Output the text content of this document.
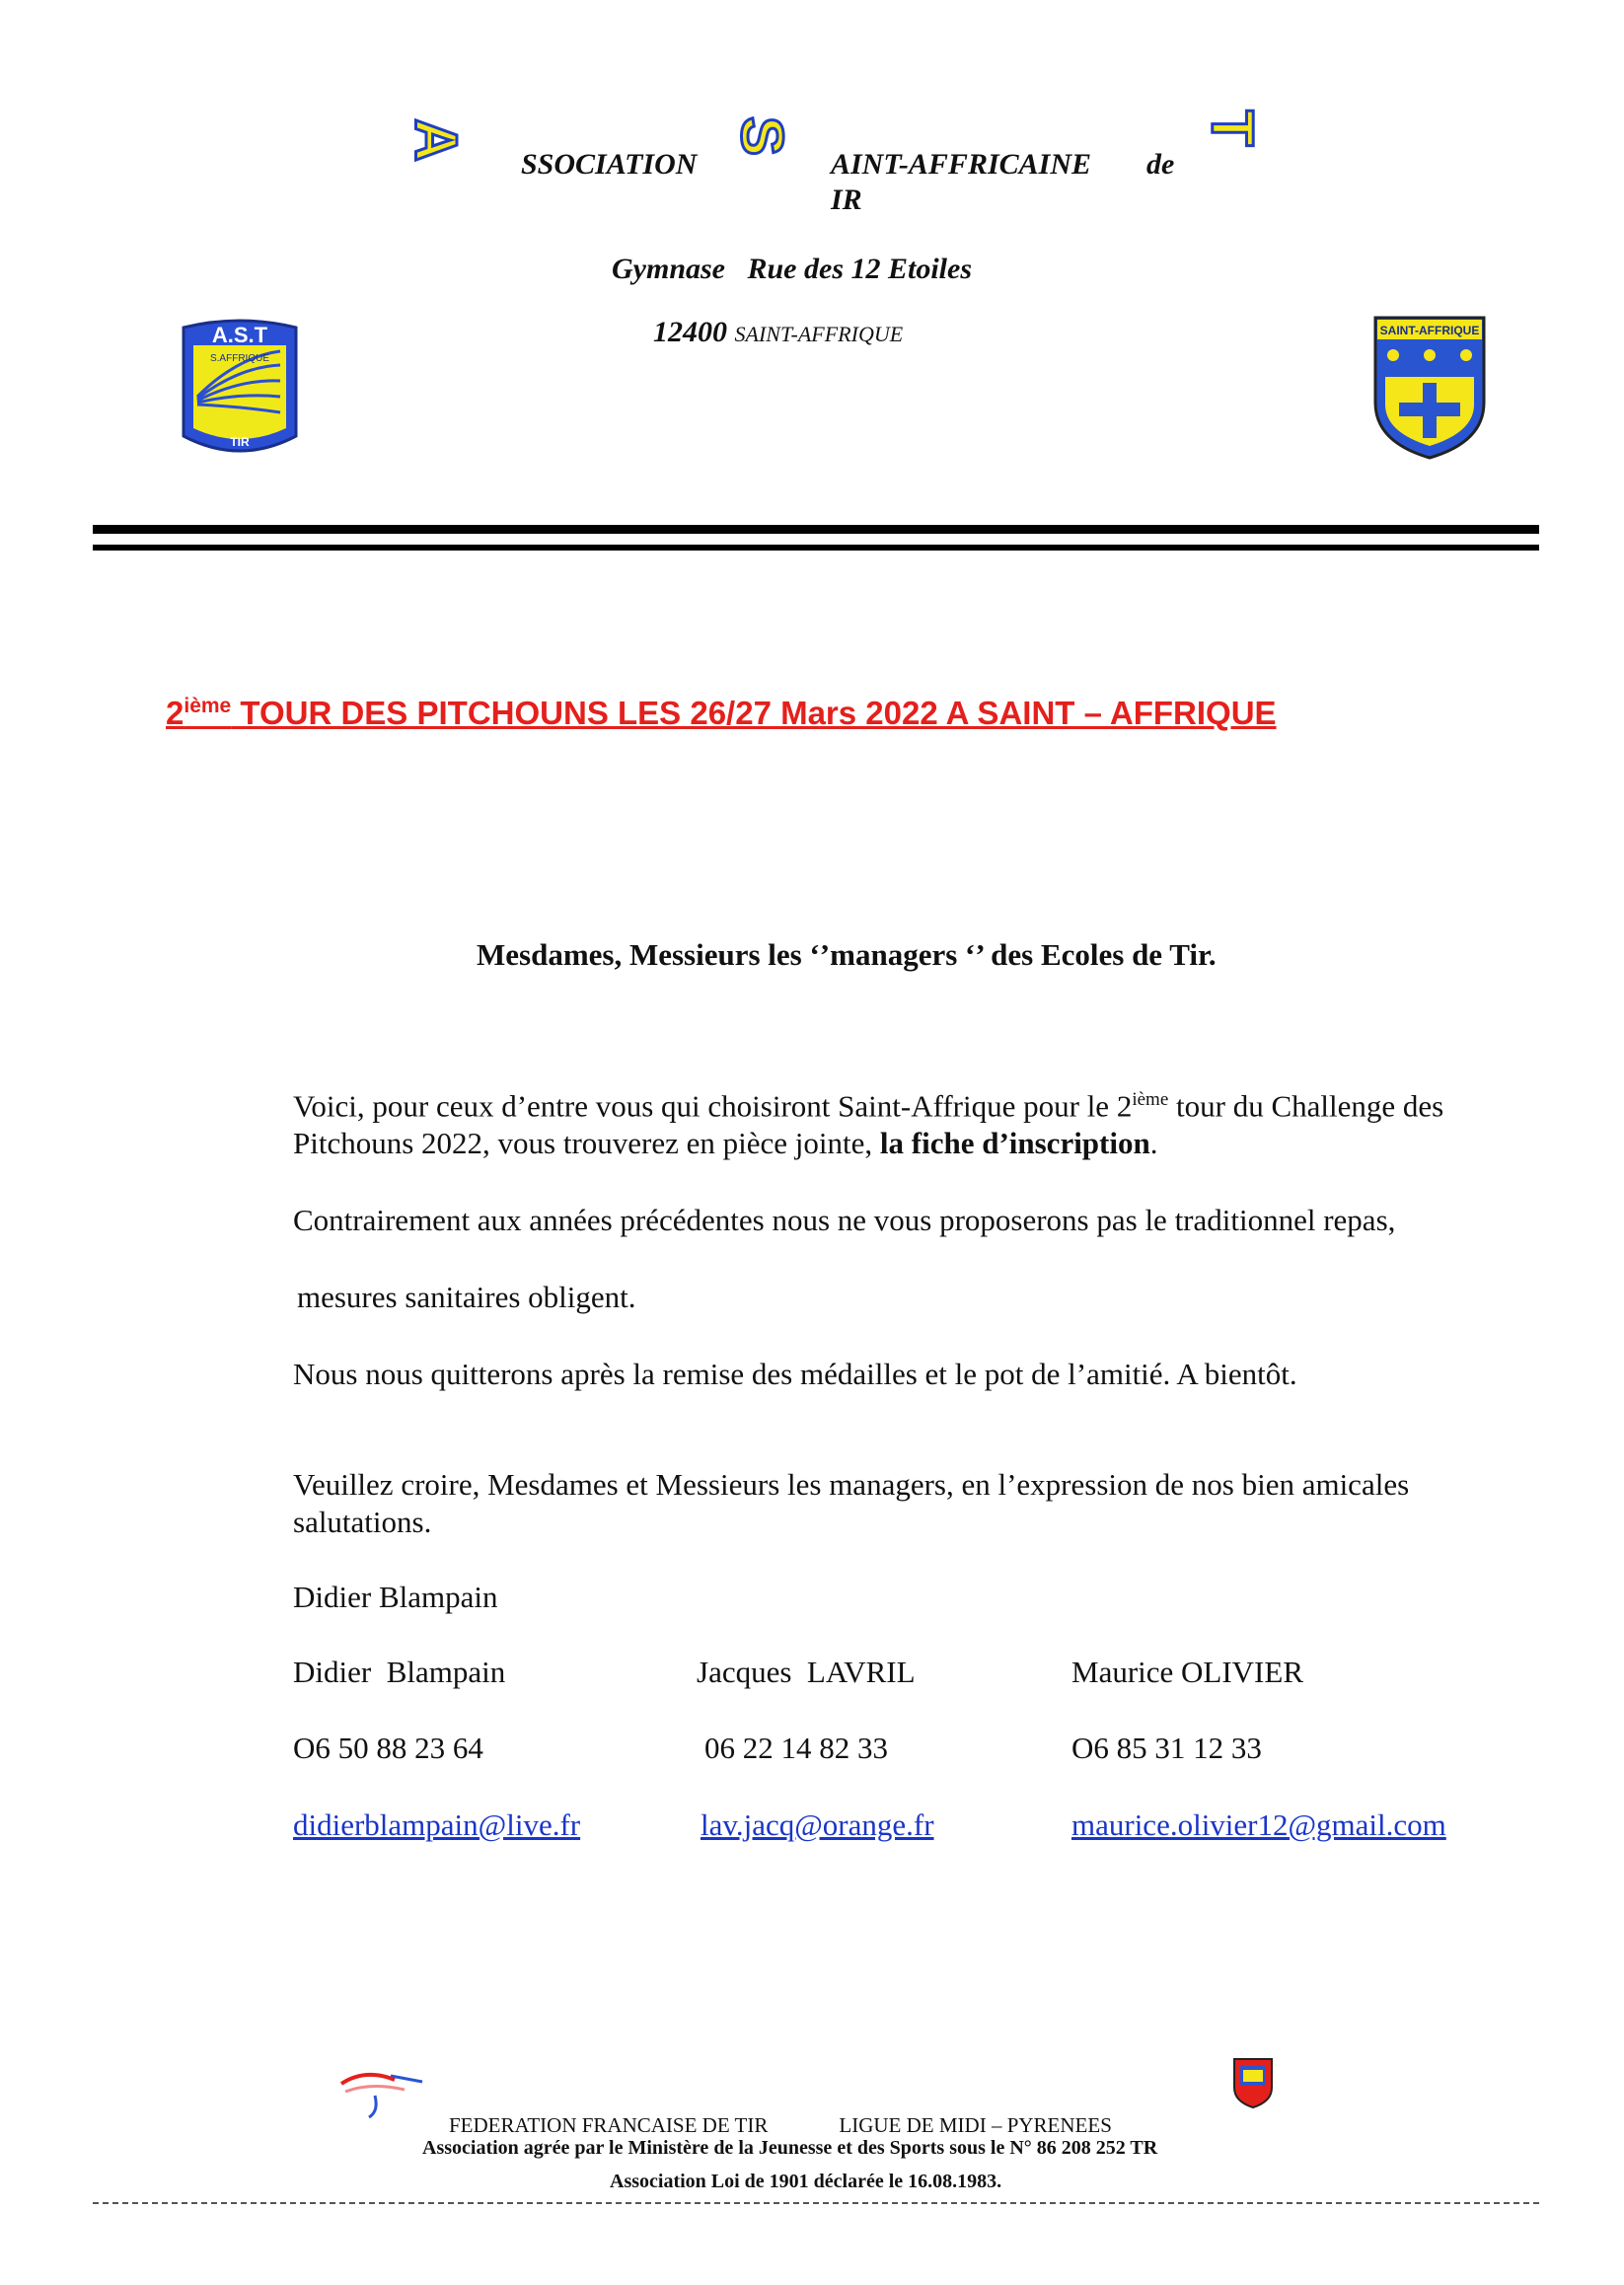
A	S	T
SSOCIATION	AINT-AFFRICAINE de
IR
Gymnase   Rue des 12 Etoiles
12400 SAINT-AFFRIQUE
A.S.T
S.AFFRIQUE
TIR
SAINT-AFFRIQUE
2ième TOUR DES PITCHOUNS LES 26/27 Mars 2022 A SAINT – AFFRIQUE
Mesdames, Messieurs les ‘’managers ‘’ des Ecoles de Tir.
Voici, pour ceux d’entre vous qui choisiront Saint-Affrique pour le 2ième tour du Challenge des Pitchouns 2022, vous trouverez en pièce jointe, la fiche d’inscription.
Contrairement aux années précédentes nous ne vous proposerons pas le traditionnel repas,
mesures sanitaires obligent.
Nous nous quitterons après la remise des médailles et le pot de l’amitié. A bientôt.
Veuillez croire, Mesdames et Messieurs les managers, en l’expression de nos bien amicales salutations.
Didier Blampain
Didier  Blampain	Jacques  LAVRIL	Maurice OLIVIER
O6 50 88 23 64	06 22 14 82 33	O6 85 31 12 33
didierblampain@live.fr	lav.jacq@orange.fr	maurice.olivier12@gmail.com
FEDERATION FRANCAISE DE TIR	LIGUE DE MIDI – PYRENEES
Association agrée par le Ministère de la Jeunesse et des Sports sous le N° 86 208 252 TR
Association Loi de 1901 déclarée le 16.08.1983.
